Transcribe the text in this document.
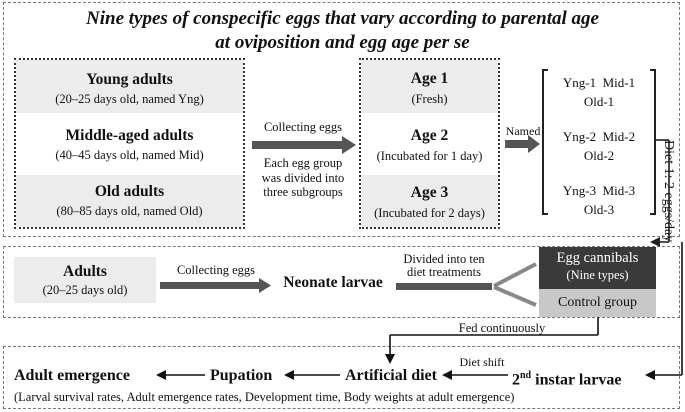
Nine types of conspecific eggs that vary according to parental age
at oviposition and egg age per se
Young adults
(20–25 days old, named Yng)
Middle-aged adults
(40–45 days old, named Mid)
Old adults
(80–85 days old, named Old)
Collecting eggs
Each egg group
was divided into
three subgroups
Age 1
(Fresh)
Age 2
(Incubated for 1 day)
Age 3
(Incubated for 2 days)
Named
Yng-1  Mid-1
Old-1
Yng-2  Mid-2
Old-2
Yng-3  Mid-3
Old-3	Diet 1: 2 eggs/day
Adults
(20–25 days old)
Collecting eggs
Neonate larvae
Divided into ten
diet treatments
Egg cannibals
(Nine types)
Control group
Fed continuously
Adult emergence	Pupation	Artificial diet
Diet shift
2nd instar larvae
(Larval survival rates, Adult emergence rates, Development time, Body weights at adult emergence)
